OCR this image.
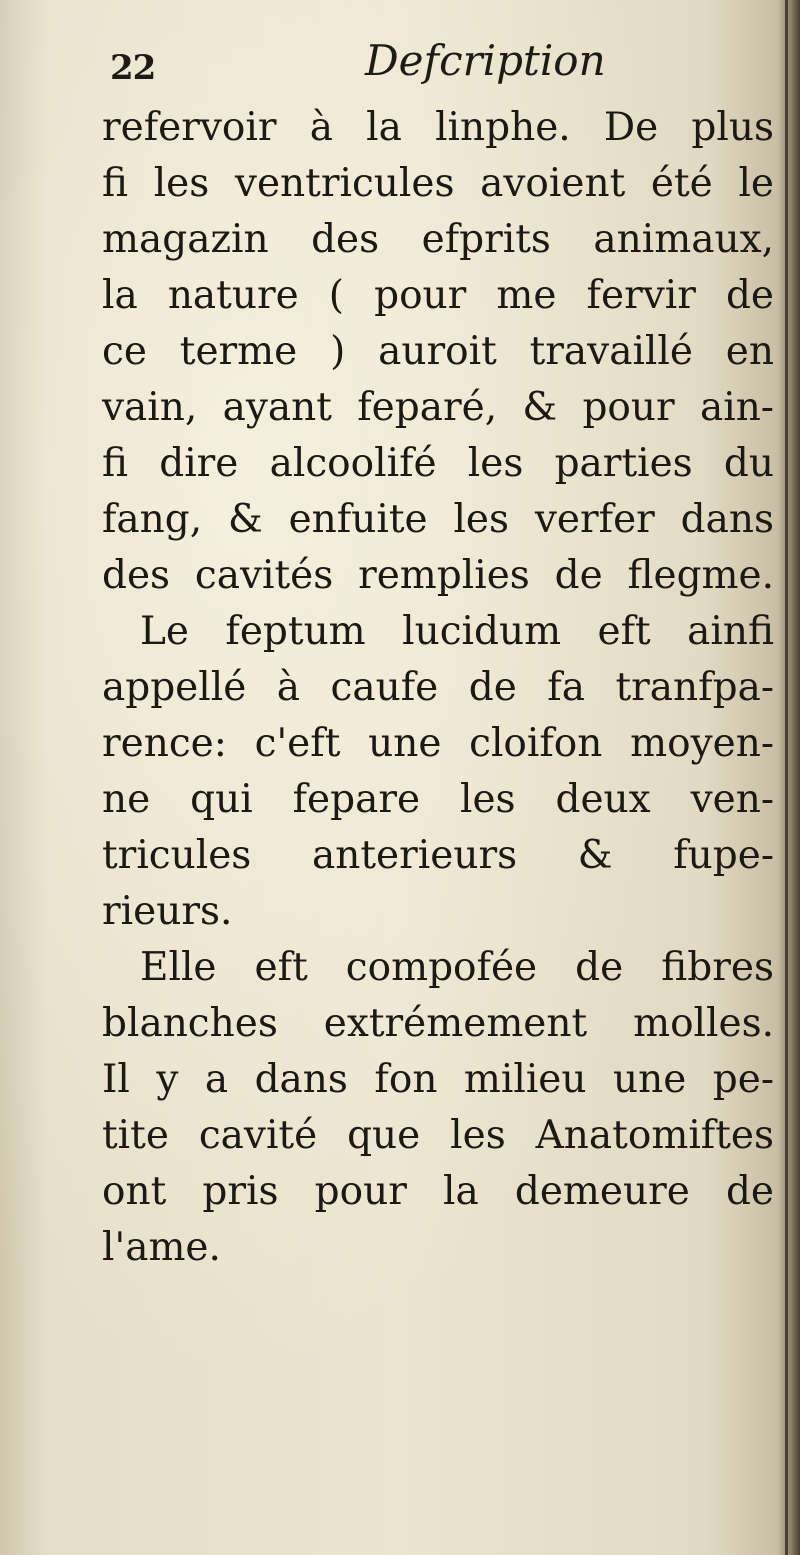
22	Defcription
refervoir à la linphe. De plus
fi les ventricules avoient été le
magazin des efprits animaux,
la nature ( pour me fervir de
ce terme ) auroit travaillé en
vain, ayant feparé, & pour ain-
fi dire alcoolifé les parties du
fang, & enfuite les verfer dans
des cavités remplies de flegme.
Le feptum lucidum eft ainfi
appellé à caufe de fa tranfpa-
rence: c'eft une cloifon moyen-
ne qui fepare les deux ven-
tricules anterieurs & fupe-
rieurs.
Elle eft compofée de fibres
blanches extrémement molles.
Il y a dans fon milieu une pe-
tite cavité que les Anatomiftes
ont pris pour la demeure de
l'ame.
